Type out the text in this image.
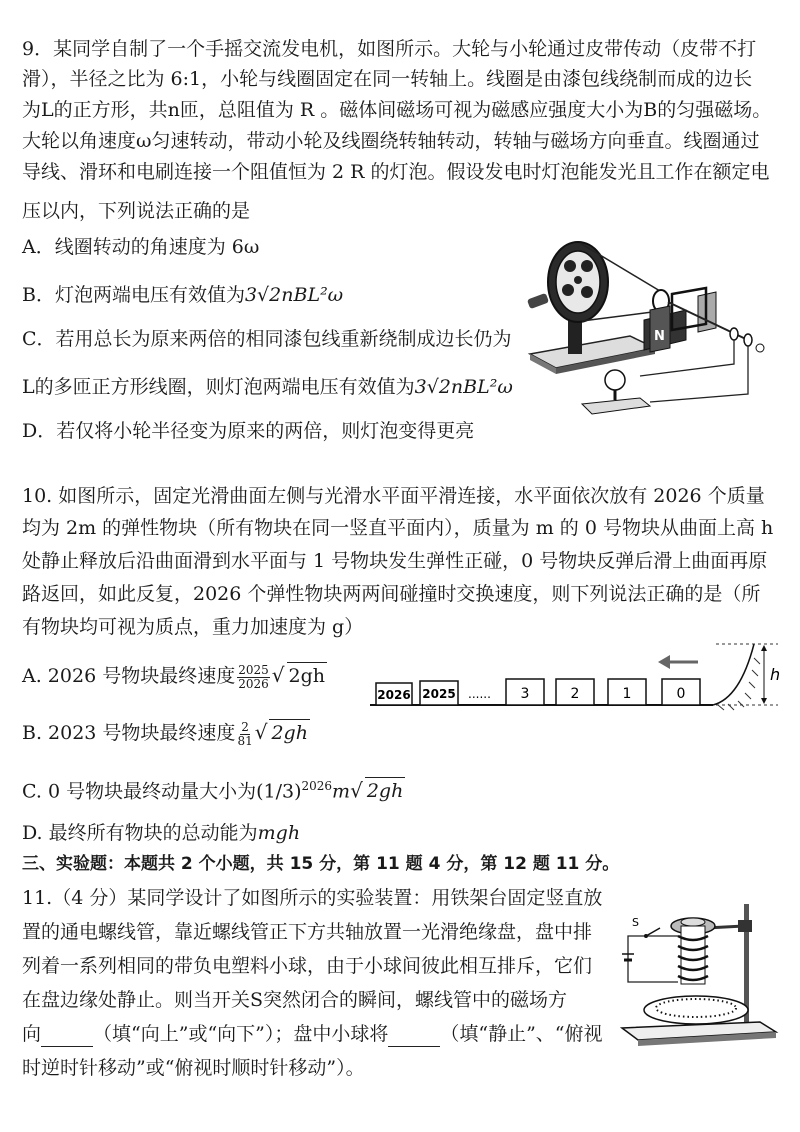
9．某同学自制了一个手摇交流发电机，如图所示。大轮与小轮通过皮带传动（皮带不打
滑），半径之比为 6:1，小轮与线圈固定在同一转轴上。线圈是由漆包线绕制而成的边长
为L的正方形，共n匝，总阻值为 R 。磁体间磁场可视为磁感应强度大小为B的匀强磁场。
大轮以角速度ω匀速转动，带动小轮及线圈绕转轴转动，转轴与磁场方向垂直。线圈通过
导线、滑环和电刷连接一个阻值恒为 2 R 的灯泡。假设发电时灯泡能发光且工作在额定电
压以内，下列说法正确的是
A．线圈转动的角速度为 6ω
B．灯泡两端电压有效值为3√2nBL²ω
C．若用总长为原来两倍的相同漆包线重新绕制成边长仍为
L的多匝正方形线圈，则灯泡两端电压有效值为3√2nBL²ω
D．若仅将小轮半径变为原来的两倍，则灯泡变得更亮
N
10. 如图所示，固定光滑曲面左侧与光滑水平面平滑连接，水平面依次放有 2026 个质量
均为 2m 的弹性物块（所有物块在同一竖直平面内），质量为 m 的 0 号物块从曲面上高 h
处静止释放后沿曲面滑到水平面与 1 号物块发生弹性正碰，0 号物块反弹后滑上曲面再原
路返回，如此反复，2026 个弹性物块两两间碰撞时交换速度，则下列说法正确的是（所
有物块均可视为质点，重力加速度为 g）
A. 2026 号物块最终速度 $\frac{2025}{2026}$ √ 2gh
B. 2023 号物块最终速度 $\frac{2}{81}$ √ 2gh
C. 0 号物块最终动量大小为$(1/3)^{2026}m√$ 2gh
D. 最终所有物块的总动能为mgh
h
2026 2025 ...... 3	2	1	0
三、实验题：本题共 2 个小题，共 15 分，第 11 题 4 分，第 12 题 11 分。
11.（4 分）某同学设计了如图所示的实验装置：用铁架台固定竖直放
置的通电螺线管，靠近螺线管正下方共轴放置一光滑绝缘盘，盘中排
列着一系列相同的带负电塑料小球，由于小球间彼此相互排斥，它们
在盘边缘处静止。则当开关S突然闭合的瞬间，螺线管中的磁场方
向	（填“向上”或“向下”）；盘中小球将	（填“静止”、“俯视
时逆时针移动”或“俯视时顺时针移动”）。
S
